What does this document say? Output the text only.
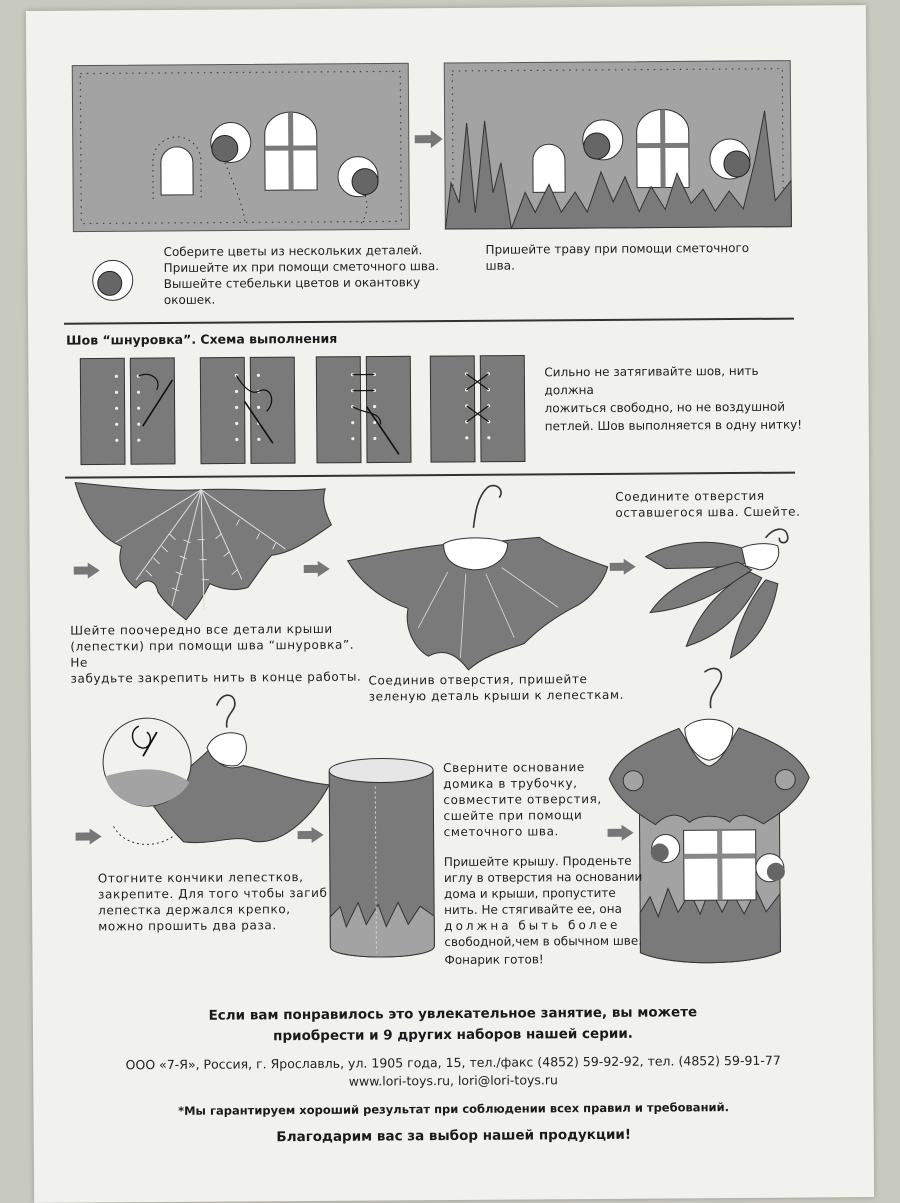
Соберите цветы из нескольких деталей.
Пришейте их при помощи сметочного шва.
Вышейте стебельки цветов и окантовку
окошек.
Пришейте траву при помощи сметочного
шва.
Шов “шнуровка”. Схема выполнения
Сильно не затягивайте шов, нить должна
ложиться свободно, но не воздушной
петлей. Шов выполняется в одну нитку!
Соедините отверстия
оставшегося шва. Сшейте.
Шейте поочередно все детали крыши
(лепестки) при помощи шва “шнуровка”. Не
забудьте закрепить нить в конце работы. Соединив отверстия, пришейте
зеленую деталь крыши к лепесткам.
Отогните кончики лепестков,
закрепите. Для того чтобы загиб
лепестка держался крепко,
можно прошить два раза.
Сверните основание
домика в трубочку,
совместите отверстия,
сшейте при помощи
сметочного шва.
Пришейте крышу. Проденьте
иглу в отверстия на основании
дома и крыши, пропустите
нить. Не стягивайте ее, она
должна быть более
свободной,чем в обычном шве.
Фонарик готов!
Если вам понравилось это увлекательное занятие, вы можете
приобрести и 9 других наборов нашей серии.
ООО «7-Я», Россия, г. Ярославль, ул. 1905 года, 15, тел./факс (4852) 59-92-92, тел. (4852) 59-91-77
www.lori-toys.ru, lori@lori-toys.ru
*Мы гарантируем хороший результат при соблюдении всех правил и требований.
Благодарим вас за выбор нашей продукции!
